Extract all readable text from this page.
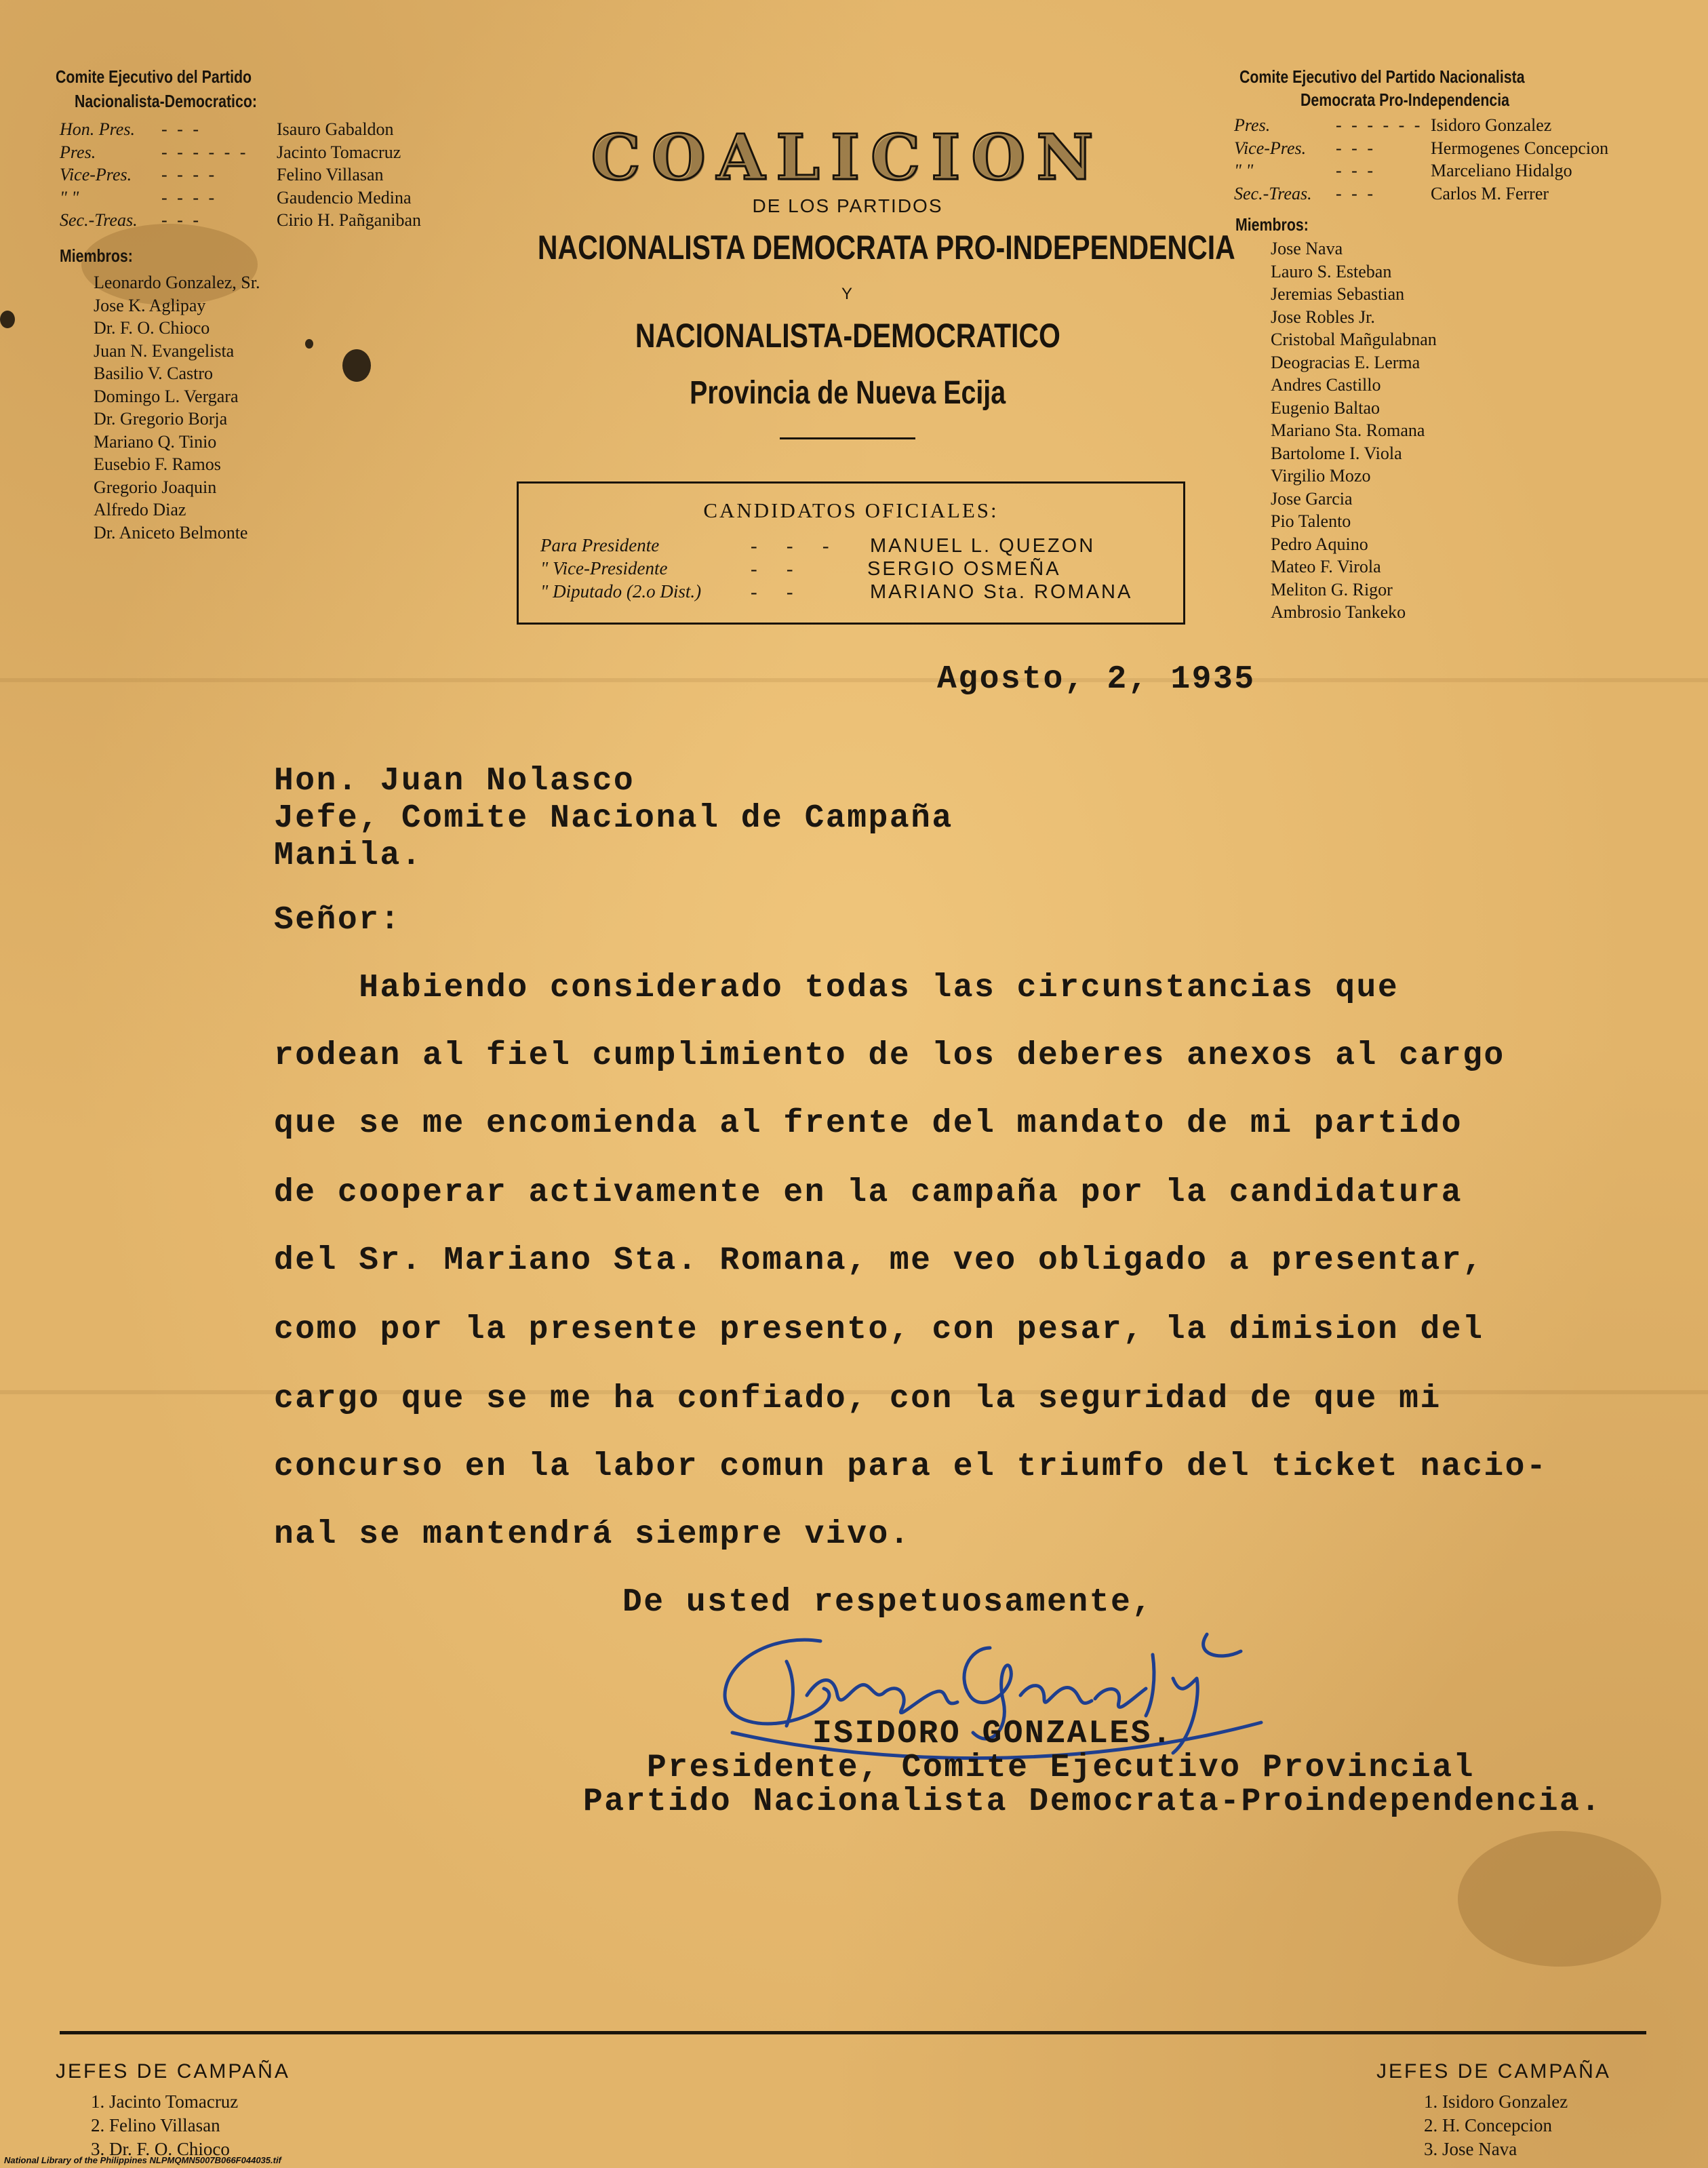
Comite Ejecutivo del Partido
Nacionalista-Democratico:
Hon. Pres.	- - -	Isauro Gabaldon
Pres.	- - - - - -	Jacinto Tomacruz
Vice-Pres.	- - - -	Felino Villasan
" "	- - - -	Gaudencio Medina
Sec.-Treas.	- - -	Cirio H. Pañganiban
Miembros:
Leonardo Gonzalez, Sr.
Jose K. Aglipay
Dr. F. O. Chioco
Juan N. Evangelista
Basilio V. Castro
Domingo L. Vergara
Dr. Gregorio Borja
Mariano Q. Tinio
Eusebio F. Ramos
Gregorio Joaquin
Alfredo Diaz
Dr. Aniceto Belmonte
Comite Ejecutivo del Partido Nacionalista
Democrata Pro-Independencia
Pres.	- - - - - - Isidoro Gonzalez
Vice-Pres.	- - -	Hermogenes Concepcion
" "	- - -	Marceliano Hidalgo
Sec.-Treas.	- - -	Carlos M. Ferrer
Miembros:
Jose Nava
Lauro S. Esteban
Jeremias Sebastian
Jose Robles Jr.
Cristobal Mañgulabnan
Deogracias E. Lerma
Andres Castillo
Eugenio Baltao
Mariano Sta. Romana
Bartolome I. Viola
Virgilio Mozo
Jose Garcia
Pio Talento
Pedro Aquino
Mateo F. Virola
Meliton G. Rigor
Ambrosio Tankeko
COALICION
DE LOS PARTIDOS
NACIONALISTA DEMOCRATA PRO-INDEPENDENCIA
Y
NACIONALISTA-DEMOCRATICO
Provincia de Nueva Ecija
CANDIDATOS OFICIALES:
Para Presidente	- - - MANUEL L. QUEZON
" Vice-Presidente	- -	SERGIO OSMEÑA
" Diputado (2.o Dist.)	- -	MARIANO Sta. ROMANA
Agosto, 2, 1935
Hon. Juan Nolasco
Jefe, Comite Nacional de Campaña
Manila.
Señor:
Habiendo considerado todas las circunstancias que
rodean al fiel cumplimiento de los deberes anexos al cargo
que se me encomienda al frente del mandato de mi partido
de cooperar activamente en la campaña por la candidatura
del Sr. Mariano Sta. Romana, me veo obligado a presentar,
como por la presente presento, con pesar, la dimision del
cargo que se me ha confiado, con la seguridad de que mi
concurso en la labor comun para el triumfo del ticket nacio-
nal se mantendrá siempre vivo.
De usted respetuosamente,
ISIDORO GONZALES.
Presidente, Comite Ejecutivo Provincial
Partido Nacionalista Democrata-Proindependencia.
JEFES DE CAMPAÑA
1. Jacinto Tomacruz
2. Felino Villasan
3. Dr. F. O. Chioco
JEFES DE CAMPAÑA
1. Isidoro Gonzalez
2. H. Concepcion
3. Jose Nava
National Library of the Philippines NLPMQMN5007B066F044035.tif
